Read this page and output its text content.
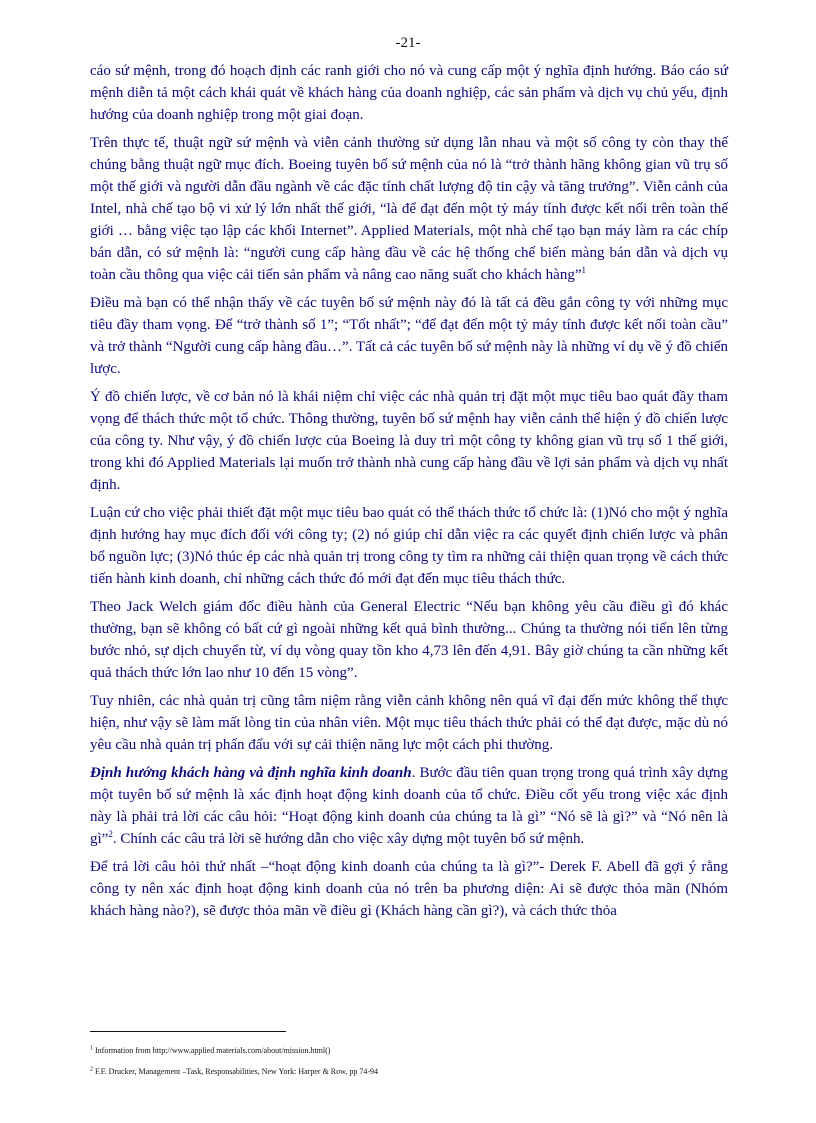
-21-

cáo sứ mệnh, trong đó hoạch định các ranh giới cho nó và cung cấp một ý nghĩa định hướng. Báo cáo sứ mệnh diễn tả một cách khái quát về khách hàng của doanh nghiệp, các sản phẩm và dịch vụ chủ yếu, định hướng của doanh nghiệp trong một giai đoạn.

Trên thực tế, thuật ngữ sứ mệnh và viễn cảnh thường sử dụng lẫn nhau và một số công ty còn thay thế chúng bằng thuật ngữ mục đích. Boeing tuyên bố sứ mệnh của nó là “trở thành hãng không gian vũ trụ số một thế giới và người dẫn đầu ngành về các đặc tính chất lượng độ tin cậy và tăng trưởng”. Viễn cảnh của Intel, nhà chế tạo bộ vi xử lý lớn nhất thế giới, “là để đạt đến một tỷ máy tính được kết nối trên toàn thế giới … bằng việc tạo lập các khối Internet”. Applied Materials, một nhà chế tạo bạn máy làm ra các chíp bán dẫn, có sứ mệnh là: “người cung cấp hàng đầu về các hệ thống chế biến màng bán dẫn và dịch vụ toàn cầu thông qua việc cải tiến sản phẩm và nâng cao năng suất cho khách hàng”$^1$

Điều mà bạn có thể nhận thấy về các tuyên bố sứ mệnh này đó là tất cả đều gắn công ty với những mục tiêu đầy tham vọng. Để “trở thành số 1”; “Tốt nhất”; “để đạt đến một tỷ máy tính được kết nối toàn cầu” và trở thành “Người cung cấp hàng đầu…”. Tất cả các tuyên bố sứ mệnh này là những ví dụ về ý đồ chiến lược.

Ý đồ chiến lược, về cơ bản nó là khái niệm chỉ việc các nhà quản trị đặt một mục tiêu bao quát đầy tham vọng để thách thức một tổ chức. Thông thường, tuyên bố sứ mệnh hay viễn cảnh thể hiện ý đồ chiến lược của công ty. Như vậy, ý đồ chiến lược của Boeing là duy trì một công ty không gian vũ trụ số 1 thế giới, trong khi đó Applied Materials lại muốn trở thành nhà cung cấp hàng đầu về lợi sản phẩm và dịch vụ nhất định.

Luận cứ cho việc phải thiết đặt một mục tiêu bao quát có thể thách thức tổ chức là: (1)Nó cho một ý nghĩa định hướng hay mục đích đối với công ty; (2) nó giúp chỉ dẫn việc ra các quyết định chiến lược và phân bổ nguồn lực; (3)Nó thúc ép các nhà quản trị trong công ty tìm ra những cải thiện quan trọng về cách thức tiến hành kinh doanh, chỉ những cách thức đó mới đạt đến mục tiêu thách thức.

Theo Jack Welch giám đốc điều hành của General Electric “Nếu bạn không yêu cầu điều gì đó khác thường, bạn sẽ không có bất cứ gì ngoài những kết quả bình thường... Chúng ta thường nói tiến lên từng bước nhỏ, sự dịch chuyển từ, ví dụ vòng quay tồn kho 4,73 lên đến 4,91. Bây giờ chúng ta cần những kết quả thách thức lớn lao như 10 đến 15 vòng”.

Tuy nhiên, các nhà quản trị cũng tâm niệm rằng viễn cảnh không nên quá vĩ đại đến mức không thể thực hiện, như vậy sẽ làm mất lòng tin của nhân viên. Một mục tiêu thách thức phải có thể đạt được, mặc dù nó yêu cầu nhà quản trị phấn đấu với sự cải thiện năng lực một cách phi thường.

Định hướng khách hàng và định nghĩa kinh doanh. Bước đầu tiên quan trọng trong quá trình xây dựng một tuyên bố sứ mệnh là xác định hoạt động kinh doanh của tổ chức. Điều cốt yếu trong việc xác định này là phải trả lời các câu hỏi: “Hoạt động kinh doanh của chúng ta là gì” “Nó sẽ là gì?” và “Nó nên là gì”$^2$. Chính các câu trả lời sẽ hướng dẫn cho việc xây dựng một tuyên bố sứ mệnh.

Để trả lời câu hỏi thứ nhất –“hoạt động kinh doanh của chúng ta là gì?”- Derek F. Abell đã gợi ý rằng công ty nên xác định hoạt động kinh doanh của nó trên ba phương diện: Ai sẽ được thỏa mãn (Nhóm khách hàng nào?), sẽ được thỏa mãn về điều gì (Khách hàng cần gì?), và cách thức thỏa

$^1$ Information from http://www.applied materials.com/about/mission.html()
$^2$ F.F. Drucker, Management –Task, Responsabilities, New York: Harper & Row, pp 74-94
